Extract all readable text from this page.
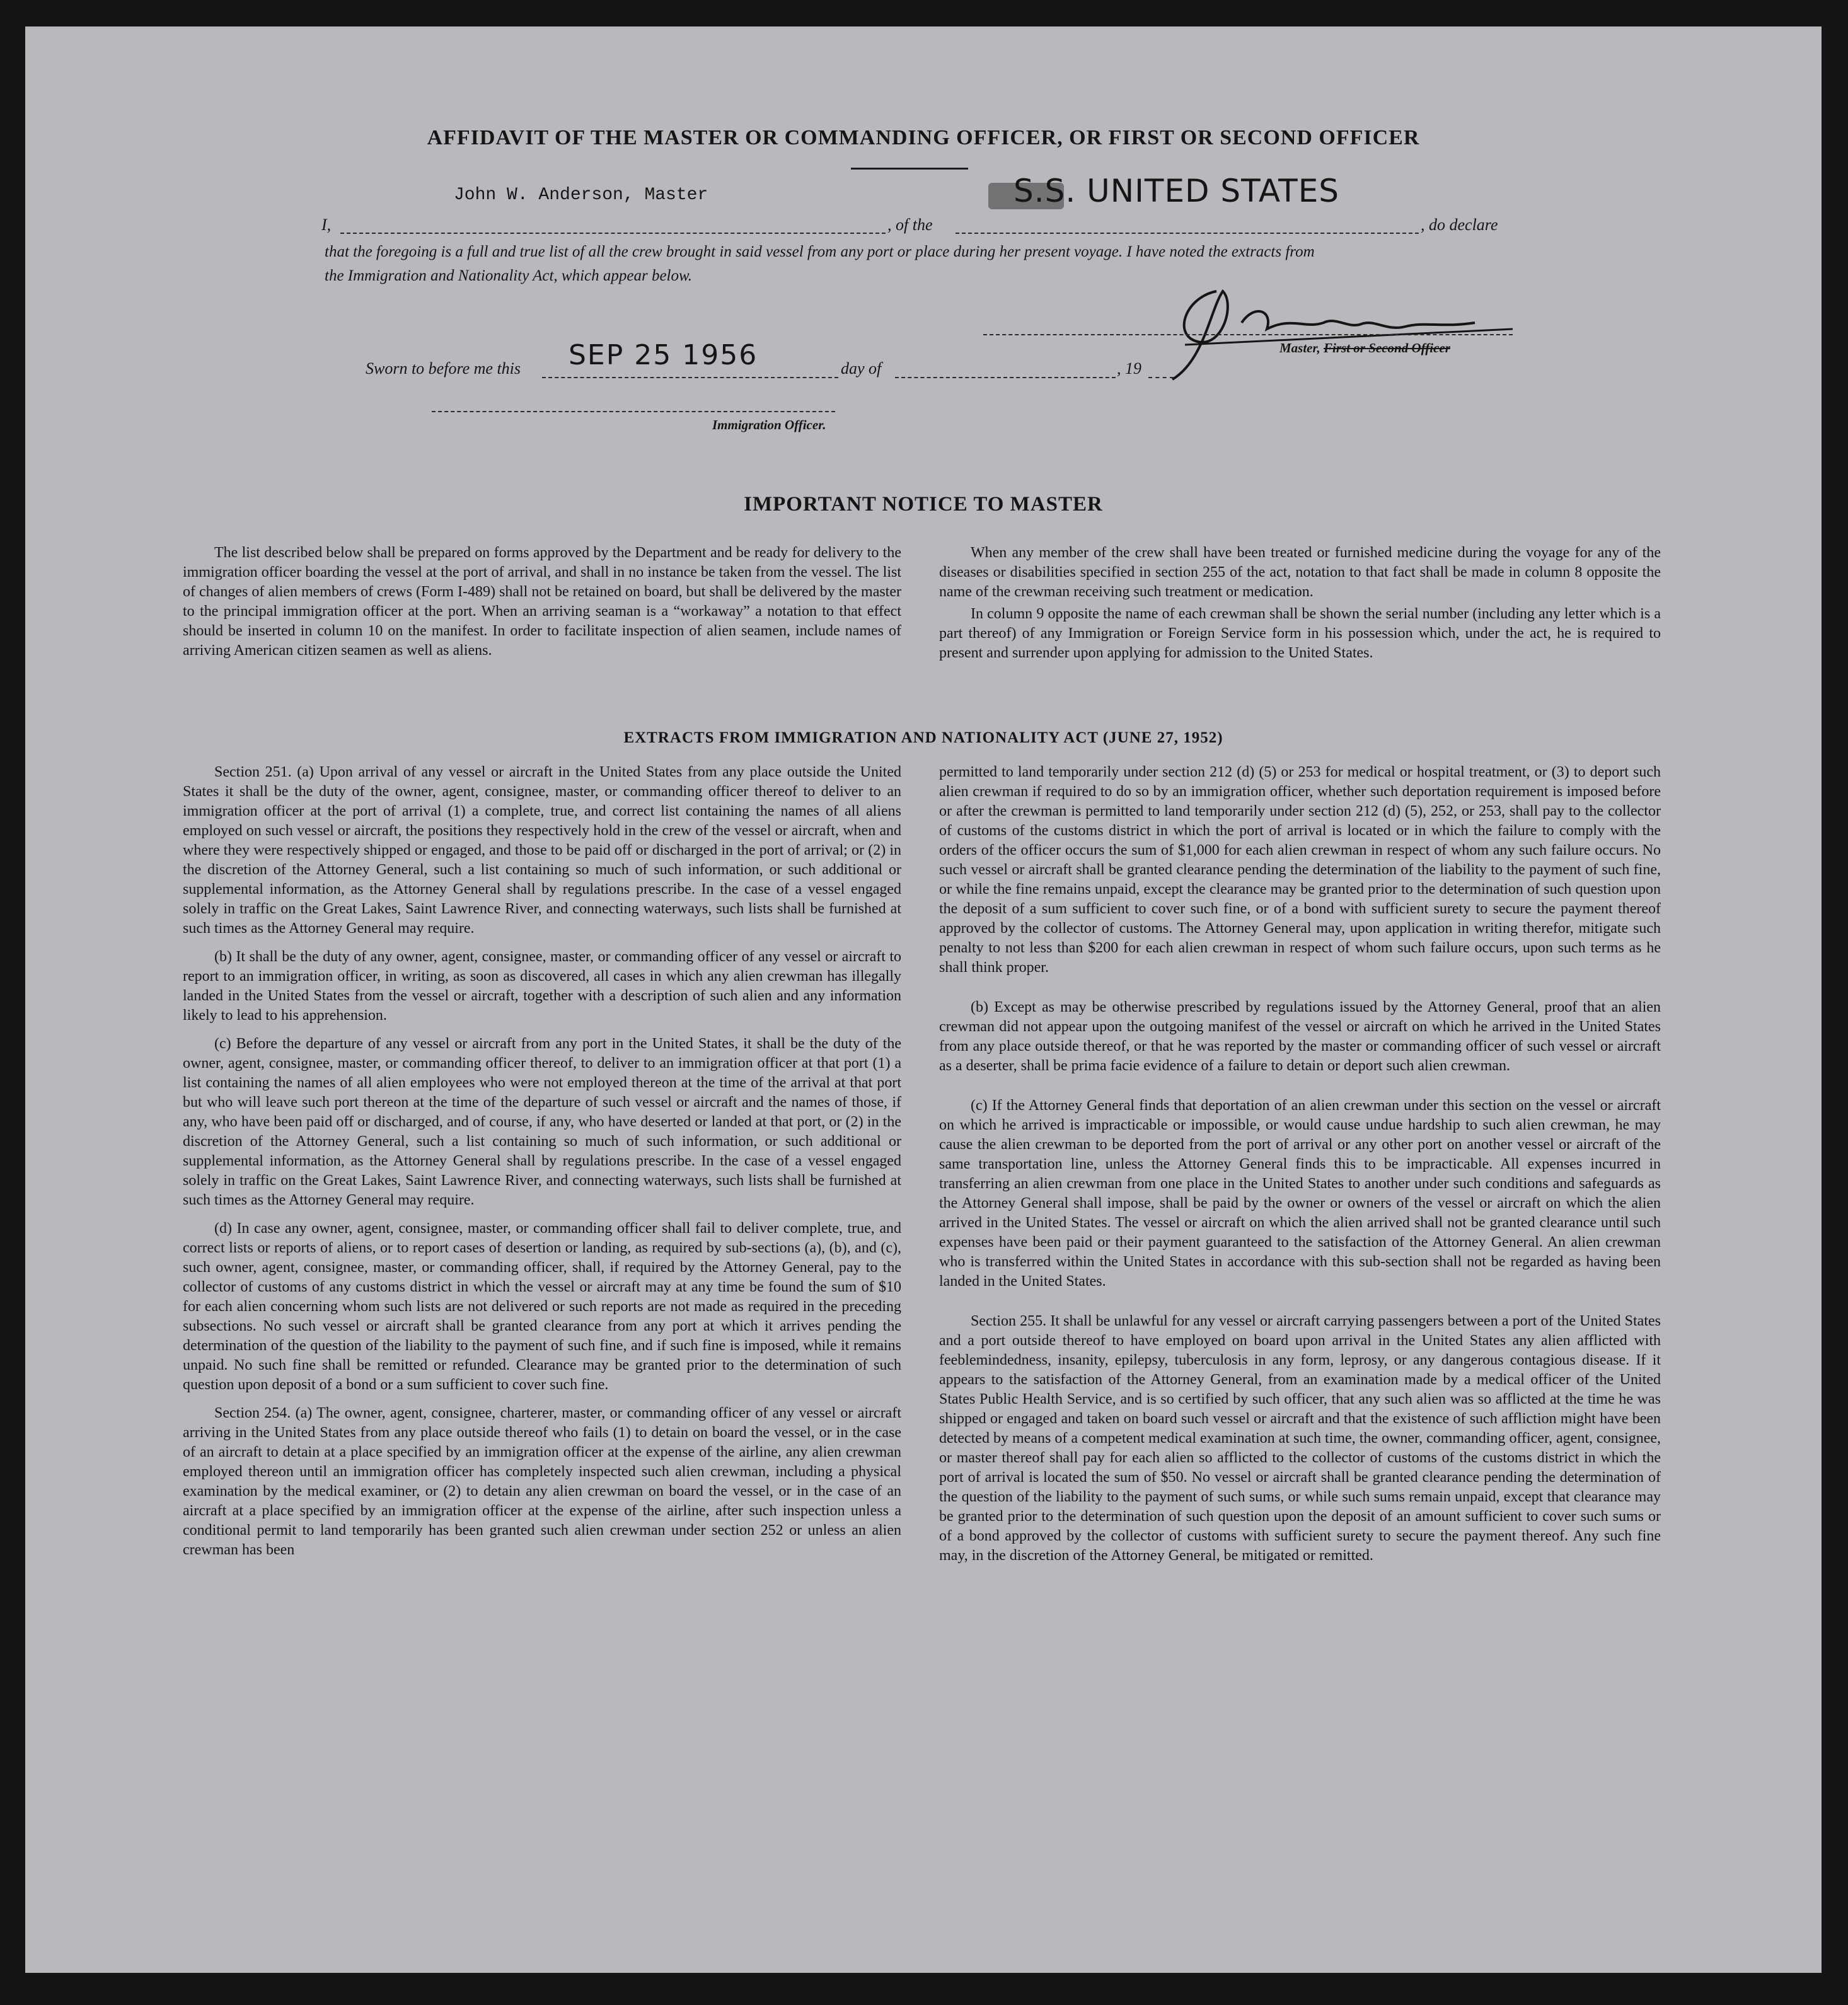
AFFIDAVIT OF THE MASTER OR COMMANDING OFFICER, OR FIRST OR SECOND OFFICER
I,
John W. Anderson, Master
, of the
S.S. UNITED STATES
, do declare
that the foregoing is a full and true list of all the crew brought in said vessel from any port or place during her present voyage. I have noted the extracts from
the Immigration and Nationality Act, which appear below.
Master, First or Second Officer
Sworn to before me this SEP 25 1956	day of	, 19
Immigration Officer.
IMPORTANT NOTICE TO MASTER

The list described below shall be prepared on forms approved by the Department and be ready for delivery to the immigration officer boarding the vessel at the port of arrival, and shall in no instance be taken from the vessel. The list of changes of alien members of crews (Form I-489) shall not be retained on board, but shall be delivered by the master to the principal immigration officer at the port. When an arriving seaman is a “workaway” a notation to that effect should be inserted in column 10 on the manifest. In order to facilitate inspection of alien seamen, include names of arriving American citizen seamen as well as aliens.

When any member of the crew shall have been treated or furnished medicine during the voyage for any of the diseases or disabilities specified in section 255 of the act, notation to that fact shall be made in column 8 opposite the name of the crewman receiving such treatment or medication.

In column 9 opposite the name of each crewman shall be shown the serial number (including any letter which is a part thereof) of any Immigration or Foreign Service form in his possession which, under the act, he is required to present and surrender upon applying for admission to the United States.

EXTRACTS FROM IMMIGRATION AND NATIONALITY ACT (JUNE 27, 1952)

Section 251. (a) Upon arrival of any vessel or aircraft in the United States from any place outside the United States it shall be the duty of the owner, agent, consignee, master, or commanding officer thereof to deliver to an immigration officer at the port of arrival (1) a complete, true, and correct list containing the names of all aliens employed on such vessel or aircraft, the positions they respectively hold in the crew of the vessel or aircraft, when and where they were respectively shipped or engaged, and those to be paid off or discharged in the port of arrival; or (2) in the discretion of the Attorney General, such a list containing so much of such information, or such additional or supplemental information, as the Attorney General shall by regulations prescribe. In the case of a vessel engaged solely in traffic on the Great Lakes, Saint Lawrence River, and connecting waterways, such lists shall be furnished at such times as the Attorney General may require.

(b) It shall be the duty of any owner, agent, consignee, master, or commanding officer of any vessel or aircraft to report to an immigration officer, in writing, as soon as discovered, all cases in which any alien crewman has illegally landed in the United States from the vessel or aircraft, together with a description of such alien and any information likely to lead to his apprehension.

(c) Before the departure of any vessel or aircraft from any port in the United States, it shall be the duty of the owner, agent, consignee, master, or commanding officer thereof, to deliver to an immigration officer at that port (1) a list containing the names of all alien employees who were not employed thereon at the time of the arrival at that port but who will leave such port thereon at the time of the departure of such vessel or aircraft and the names of those, if any, who have been paid off or discharged, and of course, if any, who have deserted or landed at that port, or (2) in the discretion of the Attorney General, such a list containing so much of such information, or such additional or supplemental information, as the Attorney General shall by regulations prescribe. In the case of a vessel engaged solely in traffic on the Great Lakes, Saint Lawrence River, and connecting waterways, such lists shall be furnished at such times as the Attorney General may require.

(d) In case any owner, agent, consignee, master, or commanding officer shall fail to deliver complete, true, and correct lists or reports of aliens, or to report cases of desertion or landing, as required by sub-sections (a), (b), and (c), such owner, agent, consignee, master, or commanding officer, shall, if required by the Attorney General, pay to the collector of customs of any customs district in which the vessel or aircraft may at any time be found the sum of $10 for each alien concerning whom such lists are not delivered or such reports are not made as required in the preceding subsections. No such vessel or aircraft shall be granted clearance from any port at which it arrives pending the determination of the question of the liability to the payment of such fine, and if such fine is imposed, while it remains unpaid. No such fine shall be remitted or refunded. Clearance may be granted prior to the determination of such question upon deposit of a bond or a sum sufficient to cover such fine.

Section 254. (a) The owner, agent, consignee, charterer, master, or commanding officer of any vessel or aircraft arriving in the United States from any place outside thereof who fails (1) to detain on board the vessel, or in the case of an aircraft to detain at a place specified by an immigration officer at the expense of the airline, any alien crewman employed thereon until an immigration officer has completely inspected such alien crewman, including a physical examination by the medical examiner, or (2) to detain any alien crewman on board the vessel, or in the case of an aircraft at a place specified by an immigration officer at the expense of the airline, after such inspection unless a conditional permit to land temporarily has been granted such alien crewman under section 252 or unless an alien crewman has been

permitted to land temporarily under section 212 (d) (5) or 253 for medical or hospital treatment, or (3) to deport such alien crewman if required to do so by an immigration officer, whether such deportation requirement is imposed before or after the crewman is permitted to land temporarily under section 212 (d) (5), 252, or 253, shall pay to the collector of customs of the customs district in which the port of arrival is located or in which the failure to comply with the orders of the officer occurs the sum of $1,000 for each alien crewman in respect of whom any such failure occurs. No such vessel or aircraft shall be granted clearance pending the determination of the liability to the payment of such fine, or while the fine remains unpaid, except the clearance may be granted prior to the determination of such question upon the deposit of a sum sufficient to cover such fine, or of a bond with sufficient surety to secure the payment thereof approved by the collector of customs. The Attorney General may, upon application in writing therefor, mitigate such penalty to not less than $200 for each alien crewman in respect of whom such failure occurs, upon such terms as he shall think proper.

(b) Except as may be otherwise prescribed by regulations issued by the Attorney General, proof that an alien crewman did not appear upon the outgoing manifest of the vessel or aircraft on which he arrived in the United States from any place outside thereof, or that he was reported by the master or commanding officer of such vessel or aircraft as a deserter, shall be prima facie evidence of a failure to detain or deport such alien crewman.

(c) If the Attorney General finds that deportation of an alien crewman under this section on the vessel or aircraft on which he arrived is impracticable or impossible, or would cause undue hardship to such alien crewman, he may cause the alien crewman to be deported from the port of arrival or any other port on another vessel or aircraft of the same transportation line, unless the Attorney General finds this to be impracticable. All expenses incurred in transferring an alien crewman from one place in the United States to another under such conditions and safeguards as the Attorney General shall impose, shall be paid by the owner or owners of the vessel or aircraft on which the alien arrived in the United States. The vessel or aircraft on which the alien arrived shall not be granted clearance until such expenses have been paid or their payment guaranteed to the satisfaction of the Attorney General. An alien crewman who is transferred within the United States in accordance with this sub-section shall not be regarded as having been landed in the United States.

Section 255. It shall be unlawful for any vessel or aircraft carrying passengers between a port of the United States and a port outside thereof to have employed on board upon arrival in the United States any alien afflicted with feeblemindedness, insanity, epilepsy, tuberculosis in any form, leprosy, or any dangerous contagious disease. If it appears to the satisfaction of the Attorney General, from an examination made by a medical officer of the United States Public Health Service, and is so certified by such officer, that any such alien was so afflicted at the time he was shipped or engaged and taken on board such vessel or aircraft and that the existence of such affliction might have been detected by means of a competent medical examination at such time, the owner, commanding officer, agent, consignee, or master thereof shall pay for each alien so afflicted to the collector of customs of the customs district in which the port of arrival is located the sum of $50. No vessel or aircraft shall be granted clearance pending the determination of the question of the liability to the payment of such sums, or while such sums remain unpaid, except that clearance may be granted prior to the determination of such question upon the deposit of an amount sufficient to cover such sums or of a bond approved by the collector of customs with sufficient surety to secure the payment thereof. Any such fine may, in the discretion of the Attorney General, be mitigated or remitted.
